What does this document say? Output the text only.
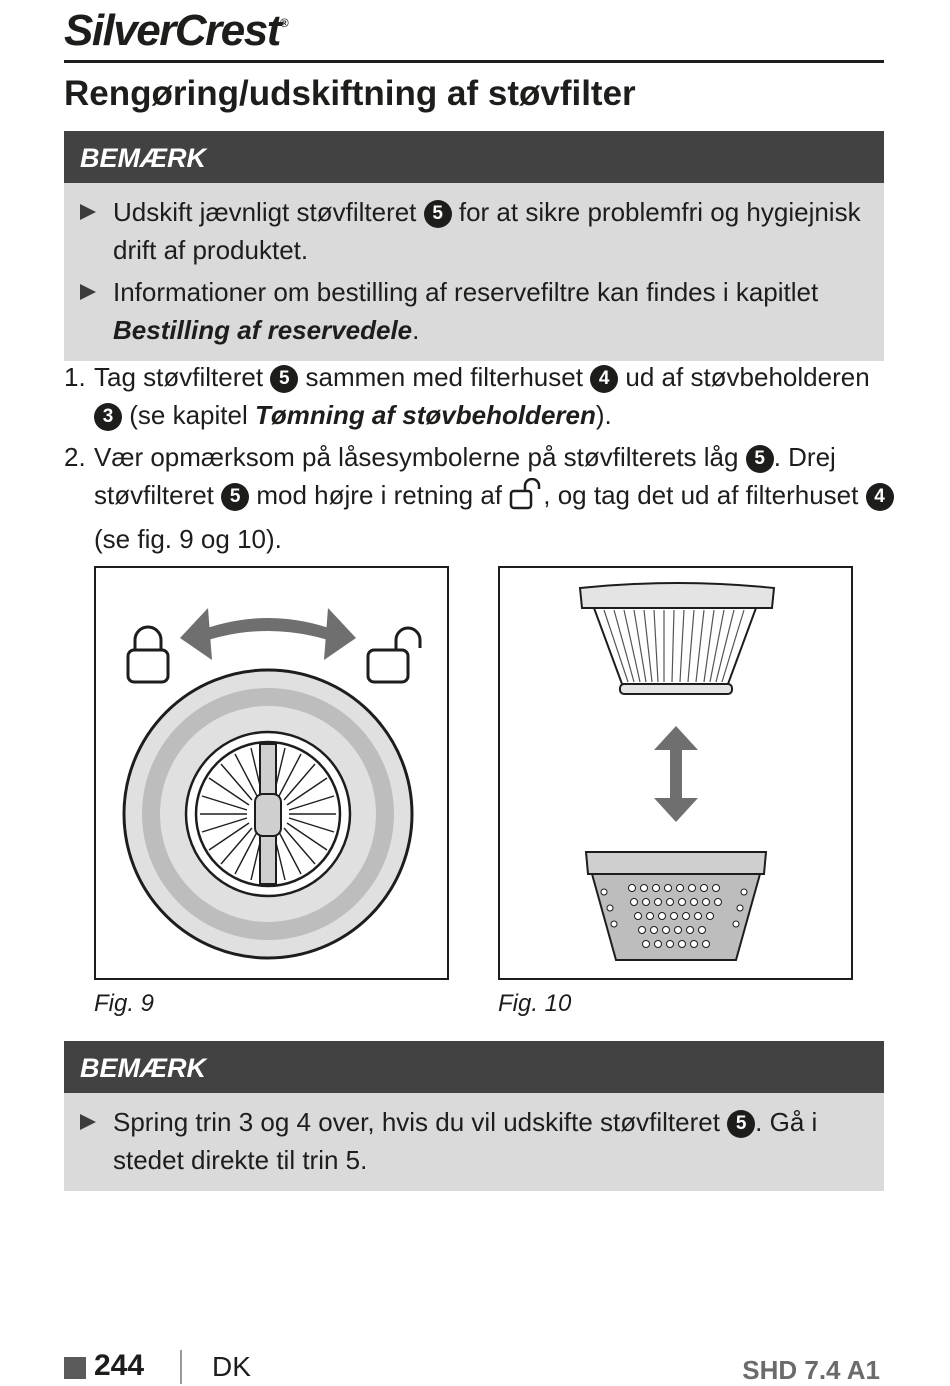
SilverCrest®
Rengøring/udskiftning af støvfilter
BEMÆRK
Udskift jævnligt støvfilteret 5 for at sikre problemfri og hygiejnisk drift af produktet.
Informationer om bestilling af reservefiltre kan findes i kapitlet Bestilling af reservedele.
1. Tag støvfilteret 5 sammen med filterhuset 4 ud af støvbeholderen 3 (se kapitel Tømning af støvbeholderen).
2. Vær opmærksom på låsesymbolerne på støvfilterets låg 5 . Drej støvfilteret 5 mod højre i retning af , og tag det ud af filterhuset 4 (se fig. 9 og 10).
Fig. 9	Fig. 10
BEMÆRK
Spring trin 3 og 4 over, hvis du vil udskifte støvfilteret 5 . Gå i stedet direkte til trin 5.
244 DK	SHD 7.4 A1
